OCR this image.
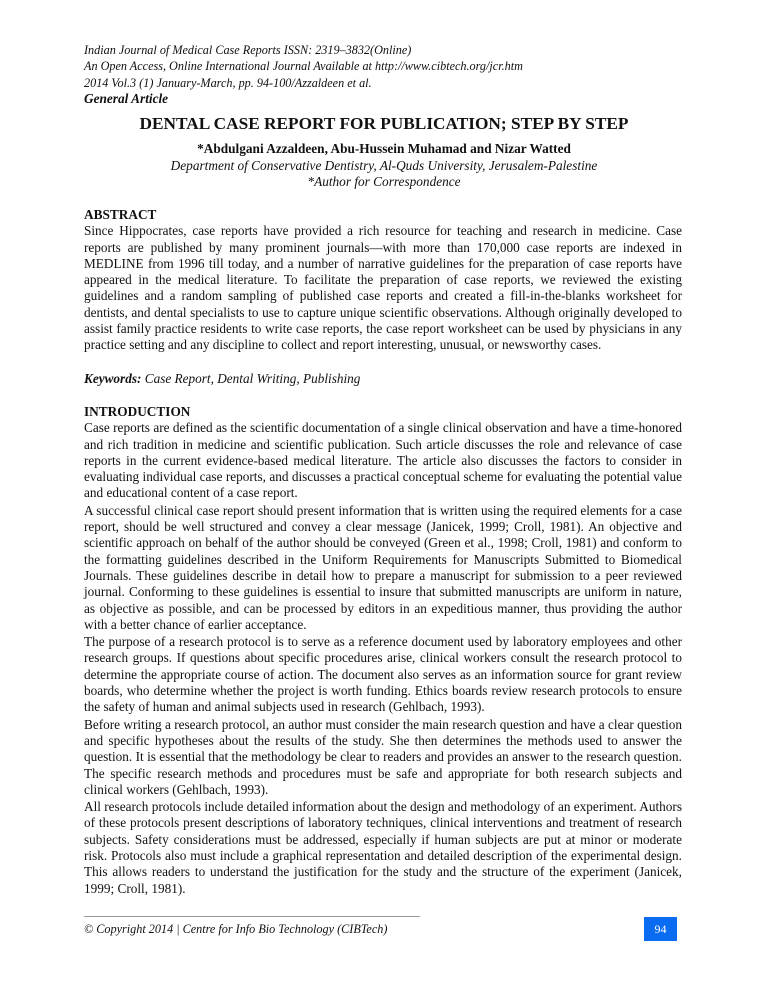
Indian Journal of Medical Case Reports ISSN: 2319–3832(Online)
An Open Access, Online International Journal Available at http://www.cibtech.org/jcr.htm
2014 Vol.3 (1) January-March, pp. 94-100/Azzaldeen et al.
General Article
DENTAL CASE REPORT FOR PUBLICATION; STEP BY STEP
*Abdulgani Azzaldeen, Abu-Hussein Muhamad and Nizar Watted
Department of Conservative Dentistry, Al-Quds University, Jerusalem-Palestine
*Author for Correspondence
ABSTRACT

Since Hippocrates, case reports have provided a rich resource for teaching and research in medicine. Case reports are published by many prominent journals—with more than 170,000 case reports are indexed in MEDLINE from 1996 till today, and a number of narrative guidelines for the preparation of case reports have appeared in the medical literature. To facilitate the preparation of case reports, we reviewed the existing guidelines and a random sampling of published case reports and created a fill-in-the-blanks worksheet for dentists, and dental specialists to use to capture unique scientific observations. Although originally developed to assist family practice residents to write case reports, the case report worksheet can be used by physicians in any practice setting and any discipline to collect and report interesting, unusual, or newsworthy cases.

Keywords: Case Report, Dental Writing, Publishing

INTRODUCTION

Case reports are defined as the scientific documentation of a single clinical observation and have a time-honored and rich tradition in medicine and scientific publication. Such article discusses the role and relevance of case reports in the current evidence-based medical literature. The article also discusses the factors to consider in evaluating individual case reports, and discusses a practical conceptual scheme for evaluating the potential value and educational content of a case report.

A successful clinical case report should present information that is written using the required elements for a case report, should be well structured and convey a clear message (Janicek, 1999; Croll, 1981). An objective and scientific approach on behalf of the author should be conveyed (Green et al., 1998; Croll, 1981) and conform to the formatting guidelines described in the Uniform Requirements for Manuscripts Submitted to Biomedical Journals. These guidelines describe in detail how to prepare a manuscript for submission to a peer reviewed journal. Conforming to these guidelines is essential to insure that submitted manuscripts are uniform in nature, as objective as possible, and can be processed by editors in an expeditious manner, thus providing the author with a better chance of earlier acceptance.

The purpose of a research protocol is to serve as a reference document used by laboratory employees and other research groups. If questions about specific procedures arise, clinical workers consult the research protocol to determine the appropriate course of action. The document also serves as an information source for grant review boards, who determine whether the project is worth funding. Ethics boards review research protocols to ensure the safety of human and animal subjects used in research (Gehlbach, 1993).

Before writing a research protocol, an author must consider the main research question and have a clear question and specific hypotheses about the results of the study. She then determines the methods used to answer the question. It is essential that the methodology be clear to readers and provides an answer to the research question. The specific research methods and procedures must be safe and appropriate for both research subjects and clinical workers (Gehlbach, 1993).

All research protocols include detailed information about the design and methodology of an experiment. Authors of these protocols present descriptions of laboratory techniques, clinical interventions and treatment of research subjects. Safety considerations must be addressed, especially if human subjects are put at minor or moderate risk. Protocols also must include a graphical representation and detailed description of the experimental design. This allows readers to understand the justification for the study and the structure of the experiment (Janicek, 1999; Croll, 1981).

© Copyright 2014 | Centre for Info Bio Technology (CIBTech)	94
